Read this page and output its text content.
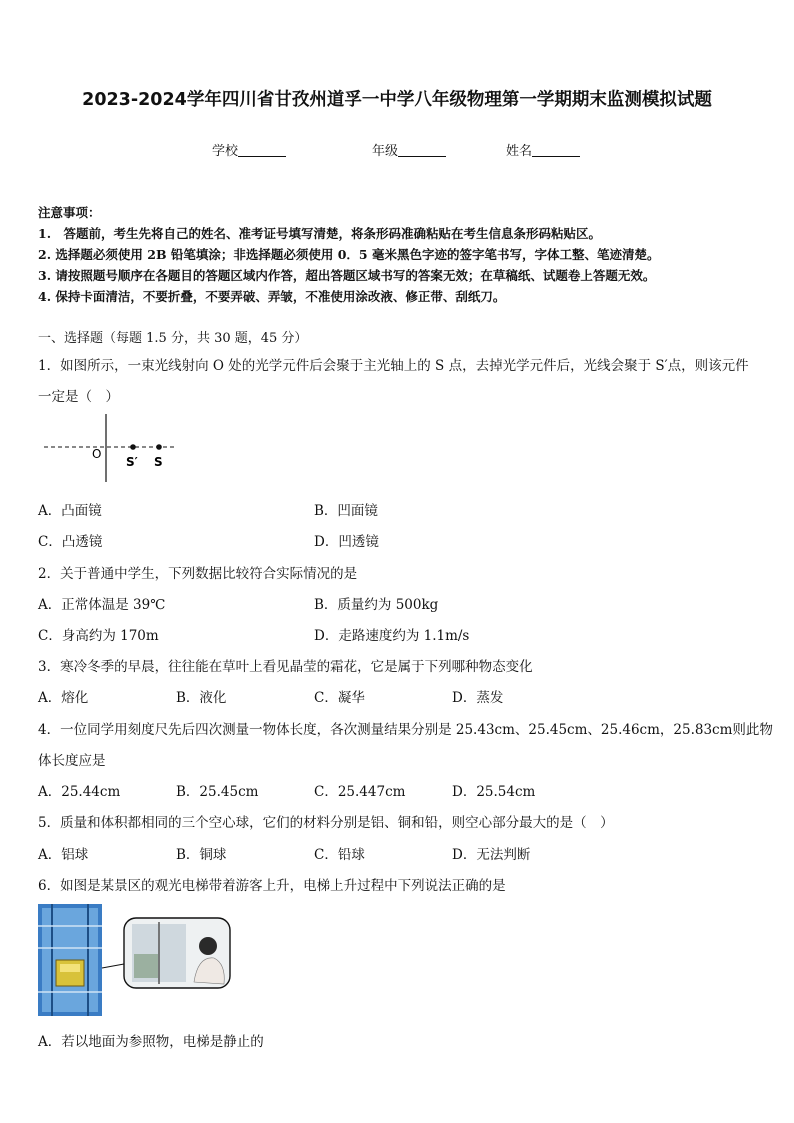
2023-2024学年四川省甘孜州道孚一中学八年级物理第一学期期末监测模拟试题
学校	年级	姓名
注意事项：
1.　答题前，考生先将自己的姓名、准考证号填写清楚，将条形码准确粘贴在考生信息条形码粘贴区。
2. 选择题必须使用 2B 铅笔填涂；非选择题必须使用 0．5 毫米黑色字迹的签字笔书写，字体工整、笔迹清楚。
3. 请按照题号顺序在各题目的答题区域内作答，超出答题区域书写的答案无效；在草稿纸、试题卷上答题无效。
4. 保持卡面清洁，不要折叠，不要弄破、弄皱，不准使用涂改液、修正带、刮纸刀。
一、选择题（每题 1.5 分，共 30 题，45 分）
1．如图所示，一束光线射向 O 处的光学元件后会聚于主光轴上的 S 点，去掉光学元件后，光线会聚于 S′点，则该元件
一定是（　）
O
S′ S
A．凸面镜	B．凹面镜
C．凸透镜	D．凹透镜
2．关于普通中学生，下列数据比较符合实际情况的是
A．正常体温是 39℃	B．质量约为 500kg
C．身高约为 170m	D．走路速度约为 1.1m/s
3．寒冷冬季的早晨，往往能在草叶上看见晶莹的霜花，它是属于下列哪种物态变化
A．熔化	B．液化	C．凝华	D．蒸发
4．一位同学用刻度尺先后四次测量一物体长度，各次测量结果分别是 25.43cm、25.45cm、25.46cm，25.83cm则此物
体长度应是
A．25.44cm	B．25.45cm	C．25.447cm	D．25.54cm
5．质量和体积都相同的三个空心球，它们的材料分别是铝、铜和铅，则空心部分最大的是（　）
A．铝球	B．铜球	C．铅球	D．无法判断
6．如图是某景区的观光电梯带着游客上升，电梯上升过程中下列说法正确的是
A．若以地面为参照物，电梯是静止的
